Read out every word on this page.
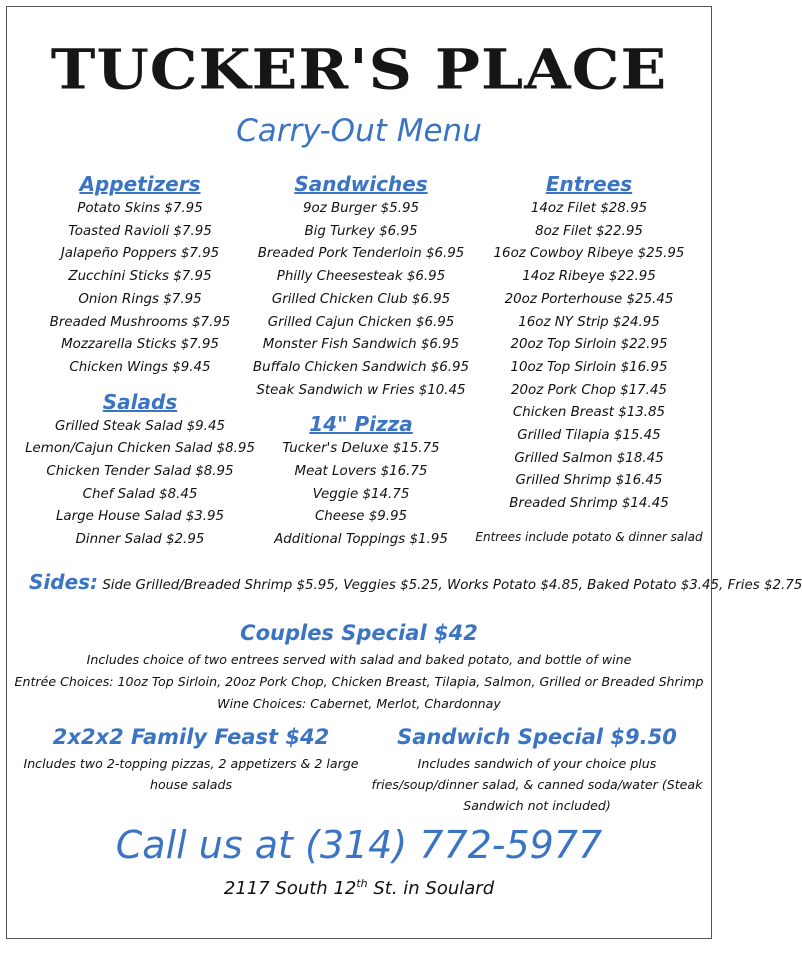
TUCKER'S PLACE
Carry-Out Menu
Appetizers
Potato Skins $7.95
Toasted Ravioli $7.95
Jalapeño Poppers $7.95
Zucchini Sticks $7.95
Onion Rings $7.95
Breaded Mushrooms $7.95
Mozzarella Sticks $7.95
Chicken Wings $9.45
Salads
Grilled Steak Salad $9.45
Lemon/Cajun Chicken Salad $8.95
Chicken Tender Salad $8.95
Chef Salad $8.45
Large House Salad $3.95
Dinner Salad $2.95
Sandwiches
9oz Burger $5.95
Big Turkey $6.95
Breaded Pork Tenderloin $6.95
Philly Cheesesteak $6.95
Grilled Chicken Club $6.95
Grilled Cajun Chicken $6.95
Monster Fish Sandwich $6.95
Buffalo Chicken Sandwich $6.95
Steak Sandwich w Fries $10.45
14" Pizza
Tucker's Deluxe $15.75
Meat Lovers $16.75
Veggie $14.75
Cheese $9.95
Additional Toppings $1.95
Entrees
14oz Filet $28.95
8oz Filet $22.95
16oz Cowboy Ribeye $25.95
14oz Ribeye $22.95
20oz Porterhouse $25.45
16oz NY Strip $24.95
20oz Top Sirloin $22.95
10oz Top Sirloin $16.95
20oz Pork Chop $17.45
Chicken Breast $13.85
Grilled Tilapia $15.45
Grilled Salmon $18.45
Grilled Shrimp $16.45
Breaded Shrimp $14.45
Entrees include potato & dinner salad
Sides: Side Grilled/Breaded Shrimp $5.95, Veggies $5.25, Works Potato $4.85, Baked Potato $3.45, Fries $2.75
Couples Special $42
Includes choice of two entrees served with salad and baked potato, and bottle of wine
Entrée Choices: 10oz Top Sirloin, 20oz Pork Chop, Chicken Breast, Tilapia, Salmon, Grilled or Breaded Shrimp
Wine Choices: Cabernet, Merlot, Chardonnay
2x2x2 Family Feast $42
Includes two 2-topping pizzas, 2 appetizers & 2 large house salads
Sandwich Special $9.50
Includes sandwich of your choice plus fries/soup/dinner salad, & canned soda/water (Steak Sandwich not included)
Call us at (314) 772-5977
2117 South 12th St. in Soulard
